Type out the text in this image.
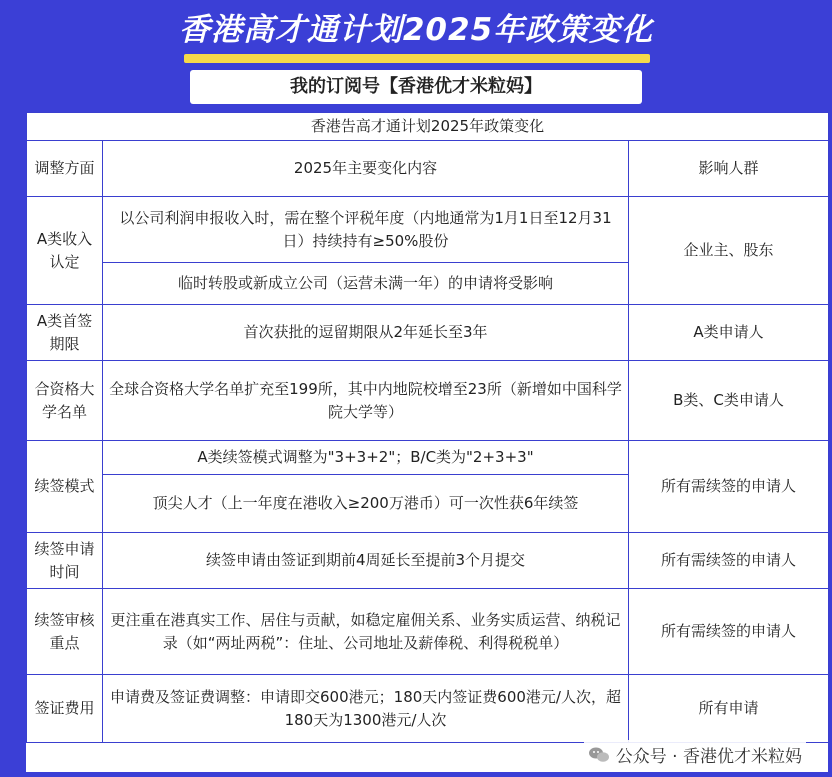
香港高才通计划2025年政策变化
我的订阅号【香港优才米粒妈】
香港告高才通计划2025年政策变化		
调整方面	2025年主要变化内容	影响人群
A类收入认定	以公司利润申报收入时，需在整个评税年度（内地通常为1月1日至12月31日）持续持有≥50%股份	企业主、股东
	临时转股或新成立公司（运营未满一年）的申请将受影响	
A类首签期限	首次获批的逗留期限从2年延长至3年	A类申请人
合资格大学名单	全球合资格大学名单扩充至199所，其中内地院校增至23所（新增如中国科学院大学等）	B类、C类申请人
续签模式	A类续签模式调整为"3+3+2"；B/C类为"2+3+3"	所有需续签的申请人
	顶尖人才（上一年度在港收入≥200万港币）可一次性获6年续签	
续签申请时间	续签申请由签证到期前4周延长至提前3个月提交	所有需续签的申请人
续签审核重点	更注重在港真实工作、居住与贡献，如稳定雇佣关系、业务实质运营、纳税记录（如“两址两税”：住址、公司地址及薪俸税、利得税税单）	所有需续签的申请人
签证费用	申请费及签证费调整：申请即交600港元；180天内签证费600港元/人次，超180天为1300港元/人次	所有申请
公众号 · 香港优才米粒妈
